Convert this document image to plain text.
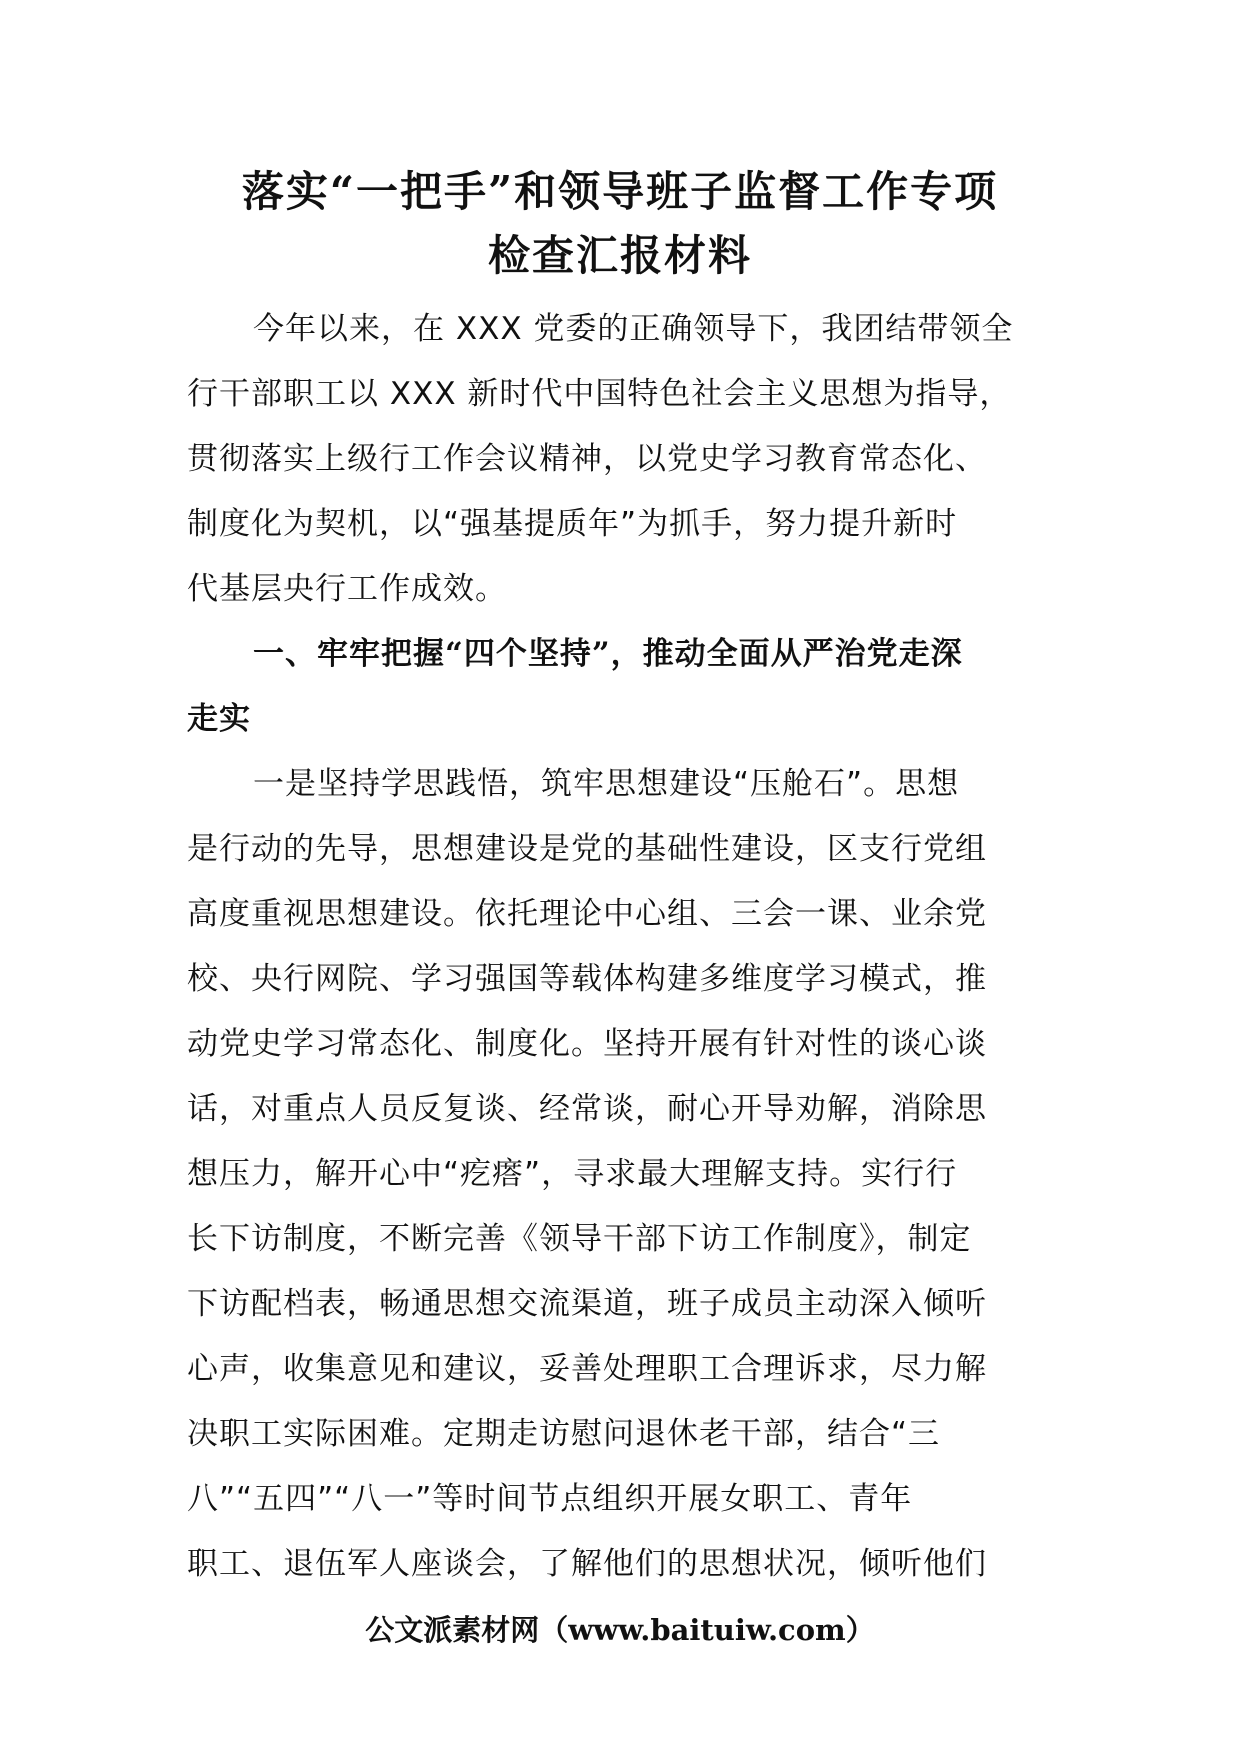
落实“一把手”和领导班子监督工作专项
检查汇报材料
今年以来，在 XXX 党委的正确领导下，我团结带领全
行干部职工以 XXX 新时代中国特色社会主义思想为指导，
贯彻落实上级行工作会议精神，以党史学习教育常态化、
制度化为契机，以“强基提质年”为抓手，努力提升新时
代基层央行工作成效。
一、牢牢把握“四个坚持”，推动全面从严治党走深
走实
一是坚持学思践悟，筑牢思想建设“压舱石”。思想
是行动的先导，思想建设是党的基础性建设，区支行党组
高度重视思想建设。依托理论中心组、三会一课、业余党
校、央行网院、学习强国等载体构建多维度学习模式，推
动党史学习常态化、制度化。坚持开展有针对性的谈心谈
话，对重点人员反复谈、经常谈，耐心开导劝解，消除思
想压力，解开心中“疙瘩”，寻求最大理解支持。实行行
长下访制度，不断完善《领导干部下访工作制度》，制定
下访配档表，畅通思想交流渠道，班子成员主动深入倾听
心声，收集意见和建议，妥善处理职工合理诉求，尽力解
决职工实际困难。定期走访慰问退休老干部，结合“三
八”“五四”“八一”等时间节点组织开展女职工、青年
职工、退伍军人座谈会，了解他们的思想状况，倾听他们
公文派素材网（www.baituiw.com）
